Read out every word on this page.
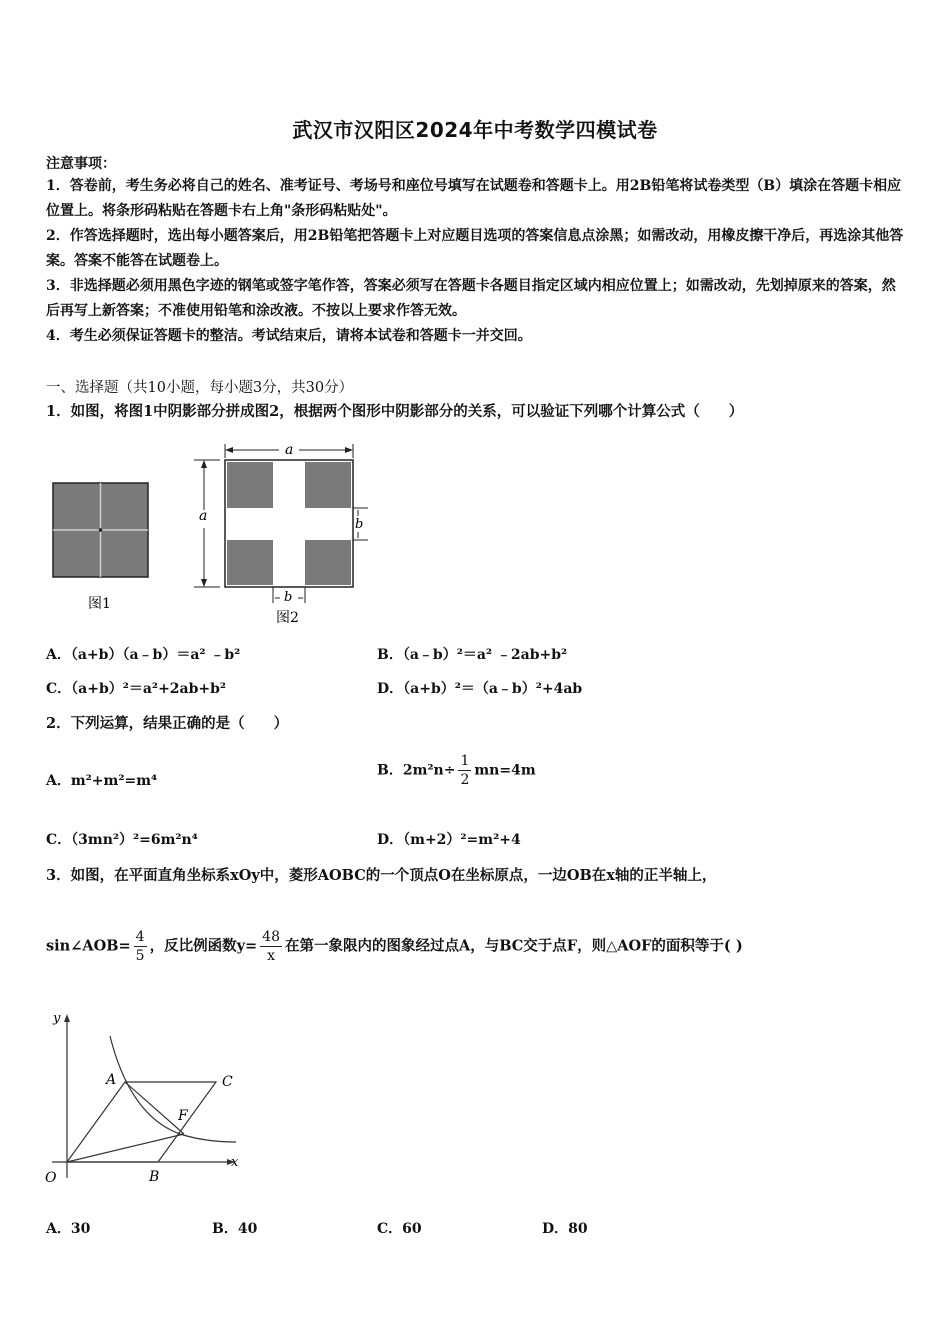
武汉市汉阳区2024年中考数学四模试卷
注意事项：
1．答卷前，考生务必将自己的姓名、准考证号、考场号和座位号填写在试题卷和答题卡上。用2B铅笔将试卷类型（B）填涂在答题卡相应位置上。将条形码粘贴在答题卡右上角"条形码粘贴处"。
2．作答选择题时，选出每小题答案后，用2B铅笔把答题卡上对应题目选项的答案信息点涂黑；如需改动，用橡皮擦干净后，再选涂其他答案。答案不能答在试题卷上。
3．非选择题必须用黑色字迹的钢笔或签字笔作答，答案必须写在答题卡各题目指定区域内相应位置上；如需改动，先划掉原来的答案，然后再写上新答案；不准使用铅笔和涂改液。不按以上要求作答无效。
4．考生必须保证答题卡的整洁。考试结束后，请将本试卷和答题卡一并交回。
一、选择题（共10小题，每小题3分，共30分）
1．如图，将图1中阴影部分拼成图2，根据两个图形中阴影部分的关系，可以验证下列哪个计算公式（　　）
图1
a
a
b
b
图2
A．（a+b）（a﹣b）＝a² ﹣b²	B．（a﹣b）²＝a² ﹣2ab+b²
C．（a+b）²＝a²+2ab+b²	D．（a+b）²＝（a﹣b）²+4ab
2．下列运算，结果正确的是（　　）
A．m²+m²=m⁴
B．$2m^2n\div \frac{1}{2} mn=4m$
C．（3mn²）²=6m²n⁴	D．（m+2）²=m²+4
3．如图，在平面直角坐标系xOy中，菱形AOBC的一个顶点O在坐标原点，一边OB在x轴的正半轴上，
sin∠AOB= $\frac{4}{5}$ ，反比例函数$y= \frac{48}{x}$ 在第一象限内的图象经过点A，与BC交于点F，则△AOF的面积等于( )
y
x
O
A
B
C
F
A．30	B．40	C．60	D．80
